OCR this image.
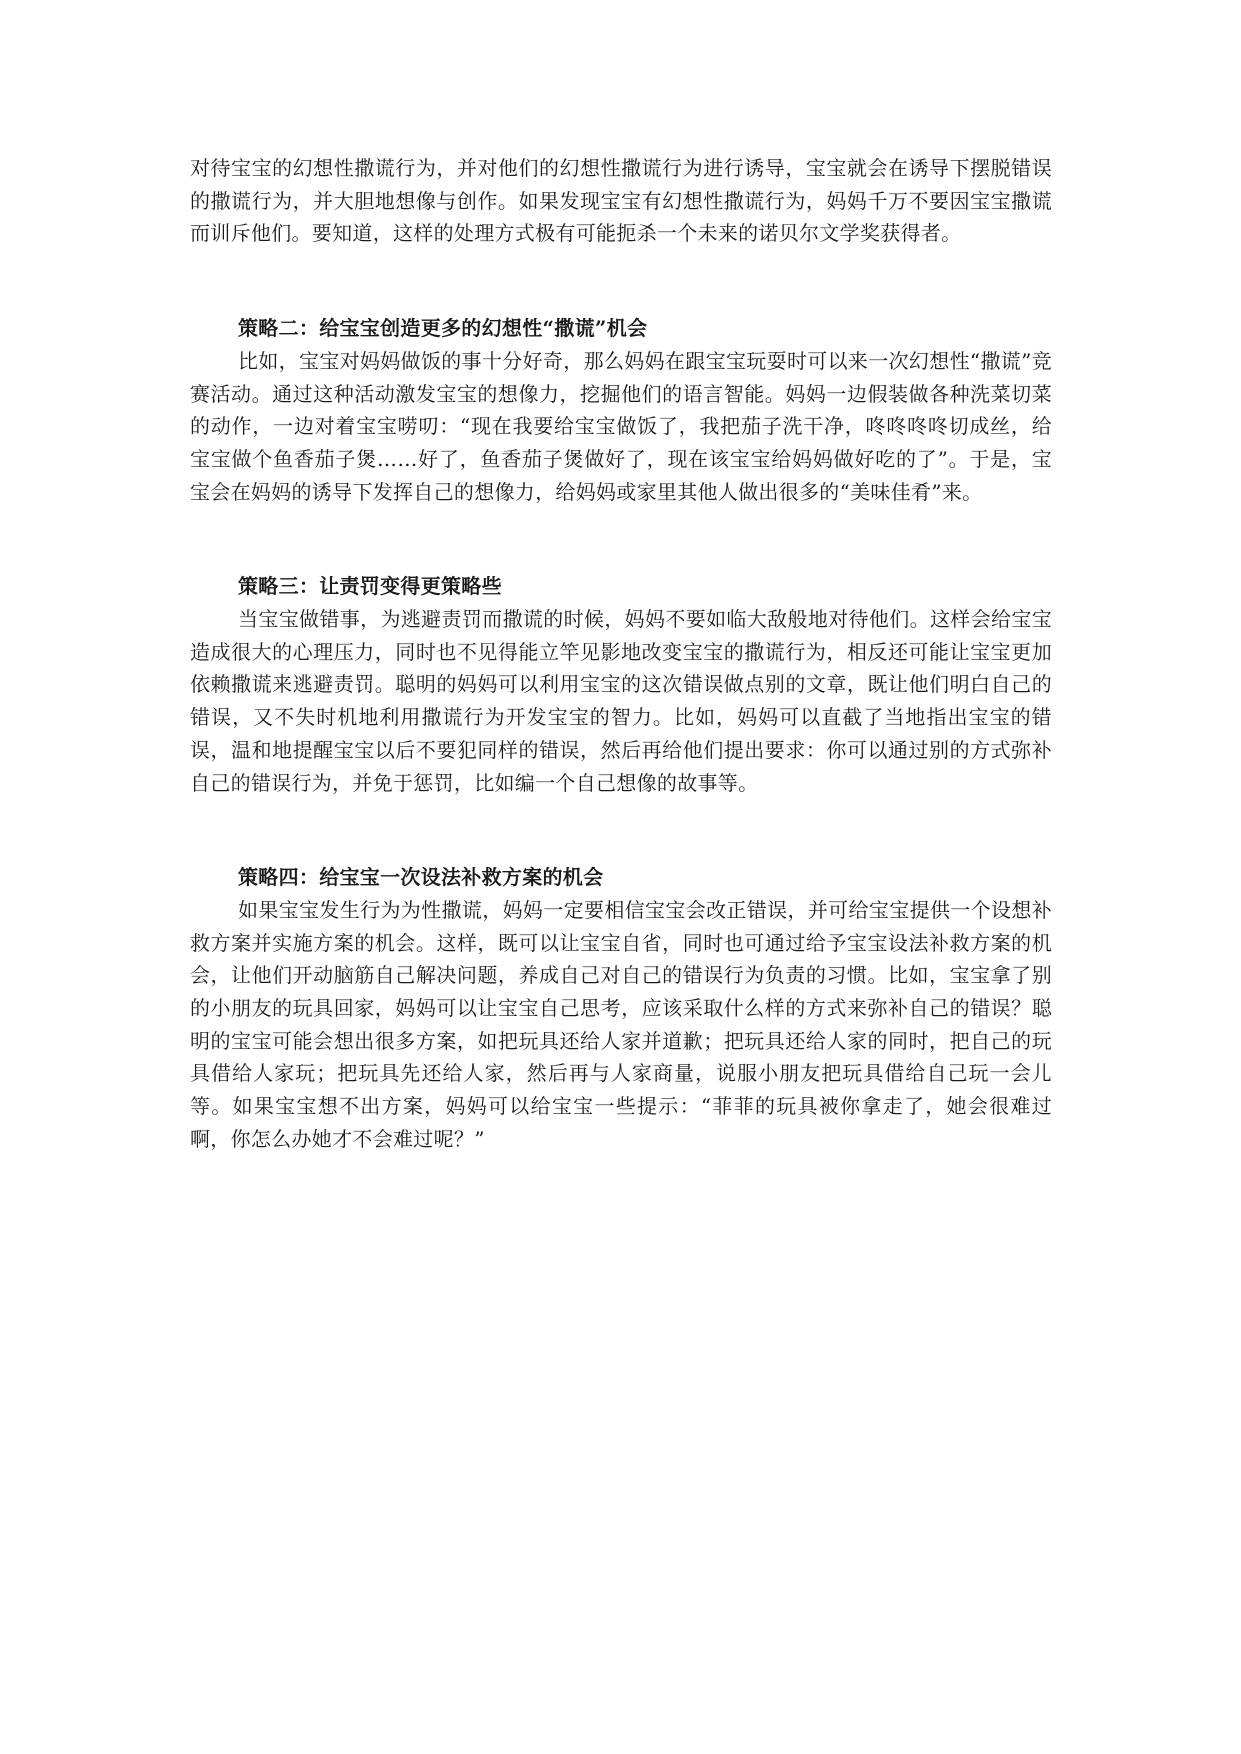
对待宝宝的幻想性撒谎行为，并对他们的幻想性撒谎行为进行诱导，宝宝就会在诱导下摆脱错误的撒谎行为，并大胆地想像与创作。如果发现宝宝有幻想性撒谎行为，妈妈千万不要因宝宝撒谎而训斥他们。要知道，这样的处理方式极有可能扼杀一个未来的诺贝尔文学奖获得者。

策略二：给宝宝创造更多的幻想性“撒谎”机会

比如，宝宝对妈妈做饭的事十分好奇，那么妈妈在跟宝宝玩耍时可以来一次幻想性“撒谎”竞赛活动。通过这种活动激发宝宝的想像力，挖掘他们的语言智能。妈妈一边假装做各种洗菜切菜的动作，一边对着宝宝唠叨：“现在我要给宝宝做饭了，我把茄子洗干净，咚咚咚咚切成丝，给宝宝做个鱼香茄子煲……好了，鱼香茄子煲做好了，现在该宝宝给妈妈做好吃的了”。于是，宝宝会在妈妈的诱导下发挥自己的想像力，给妈妈或家里其他人做出很多的“美味佳肴”来。

策略三：让责罚变得更策略些

当宝宝做错事，为逃避责罚而撒谎的时候，妈妈不要如临大敌般地对待他们。这样会给宝宝造成很大的心理压力，同时也不见得能立竿见影地改变宝宝的撒谎行为，相反还可能让宝宝更加依赖撒谎来逃避责罚。聪明的妈妈可以利用宝宝的这次错误做点别的文章，既让他们明白自己的错误，又不失时机地利用撒谎行为开发宝宝的智力。比如，妈妈可以直截了当地指出宝宝的错误，温和地提醒宝宝以后不要犯同样的错误，然后再给他们提出要求：你可以通过别的方式弥补自己的错误行为，并免于惩罚，比如编一个自己想像的故事等。

策略四：给宝宝一次设法补救方案的机会

如果宝宝发生行为为性撒谎，妈妈一定要相信宝宝会改正错误，并可给宝宝提供一个设想补救方案并实施方案的机会。这样，既可以让宝宝自省，同时也可通过给予宝宝设法补救方案的机会，让他们开动脑筋自己解决问题，养成自己对自己的错误行为负责的习惯。比如，宝宝拿了别的小朋友的玩具回家，妈妈可以让宝宝自己思考，应该采取什么样的方式来弥补自己的错误？聪明的宝宝可能会想出很多方案，如把玩具还给人家并道歉；把玩具还给人家的同时，把自己的玩具借给人家玩；把玩具先还给人家，然后再与人家商量，说服小朋友把玩具借给自己玩一会儿等。如果宝宝想不出方案，妈妈可以给宝宝一些提示：“菲菲的玩具被你拿走了，她会很难过啊，你怎么办她才不会难过呢？”
